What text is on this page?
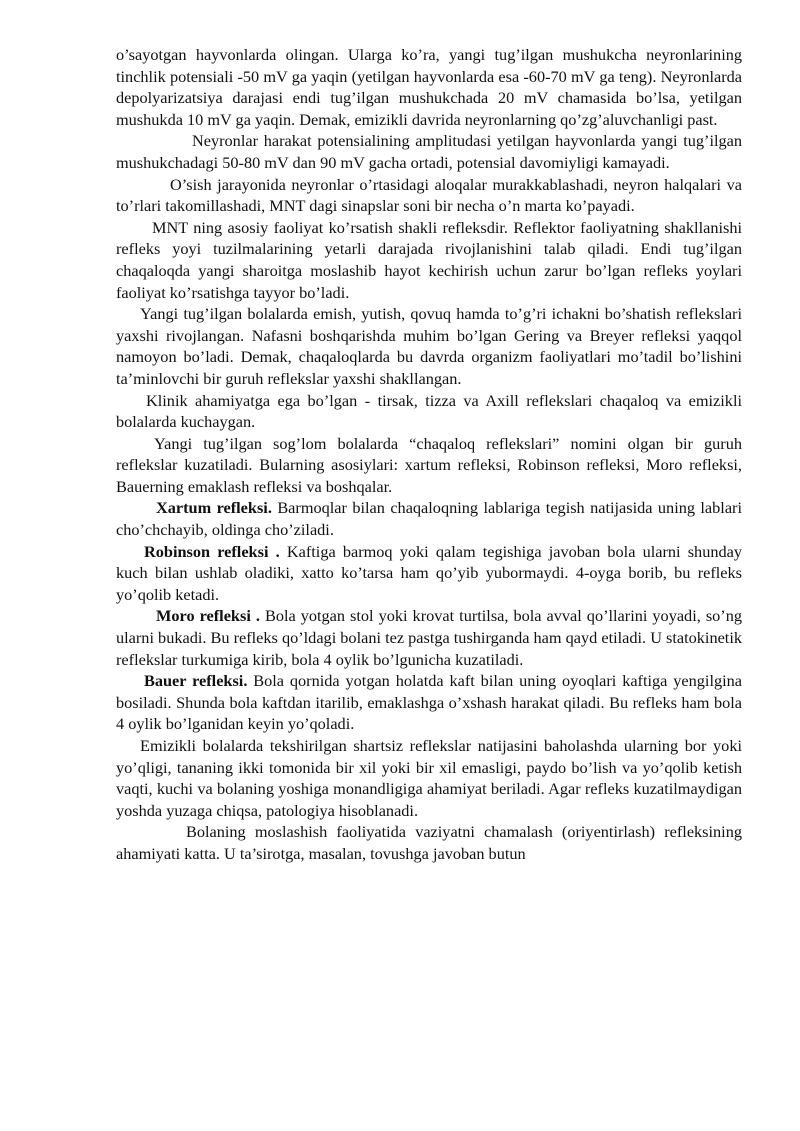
o’sayotgan hayvonlarda olingan. Ularga ko’ra, yangi tug’ilgan mushukcha neyronlarining tinchlik potensiali -50 mV ga yaqin (yetilgan hayvonlarda esa -60-70 mV ga teng). Neyronlarda depolyarizatsiya darajasi endi tug’ilgan mushukchada 20 mV chamasida bo’lsa, yetilgan mushukda 10 mV ga yaqin. Demak, emizikli davrida neyronlarning qo’zg’aluvchanligi past.

Neyronlar harakat potensialining amplitudasi yetilgan hayvonlarda yangi tug’ilgan mushukchadagi 50-80 mV dan 90 mV gacha ortadi, potensial davomiyligi kamayadi.

O’sish jarayonida neyronlar o’rtasidagi aloqalar murakkablashadi, neyron halqalari va to’rlari takomillashadi, MNT dagi sinapslar soni bir necha o’n marta ko’payadi.

MNT ning asosiy faoliyat ko’rsatish shakli refleksdir. Reflektor faoliyatning shakllanishi refleks yoyi tuzilmalarining yetarli darajada rivojlanishini talab qiladi. Endi tug’ilgan chaqaloqda yangi sharoitga moslashib hayot kechirish uchun zarur bo’lgan refleks yoylari faoliyat ko’rsatishga tayyor bo’ladi.

Yangi tug’ilgan bolalarda emish, yutish, qovuq hamda to’g’ri ichakni bo’shatish reflekslari yaxshi rivojlangan. Nafasni boshqarishda muhim bo’lgan Gering va Breyer refleksi yaqqol namoyon bo’ladi. Demak, chaqaloqlarda bu davrda organizm faoliyatlari mo’tadil bo’lishini ta’minlovchi bir guruh reflekslar yaxshi shakllangan.

Klinik ahamiyatga ega bo’lgan - tirsak, tizza va Axill reflekslari chaqaloq va emizikli bolalarda kuchaygan.

Yangi tug’ilgan sog’lom bolalarda “chaqaloq reflekslari” nomini olgan bir guruh reflekslar kuzatiladi. Bularning asosiylari: xartum refleksi, Robinson refleksi, Moro refleksi, Bauerning emaklash refleksi va boshqalar.

Xartum refleksi. Barmoqlar bilan chaqaloqning lablariga tegish natijasida uning lablari cho’chchayib, oldinga cho’ziladi.

Robinson refleksi . Kaftiga barmoq yoki qalam tegishiga javoban bola ularni shunday kuch bilan ushlab oladiki, xatto ko’tarsa ham qo’yib yubormaydi. 4-oyga borib, bu refleks yo’qolib ketadi.

Moro refleksi . Bola yotgan stol yoki krovat turtilsa, bola avval qo’llarini yoyadi, so’ng ularni bukadi. Bu refleks qo’ldagi bolani tez pastga tushirganda ham qayd etiladi. U statokinetik reflekslar turkumiga kirib, bola 4 oylik bo’lgunicha kuzatiladi.

Bauer refleksi. Bola qornida yotgan holatda kaft bilan uning oyoqlari kaftiga yengilgina bosiladi. Shunda bola kaftdan itarilib, emaklashga o’xshash harakat qiladi. Bu refleks ham bola 4 oylik bo’lganidan keyin yo’qoladi.

Emizikli bolalarda tekshirilgan shartsiz reflekslar natijasini baholashda ularning bor yoki yo’qligi, tananing ikki tomonida bir xil yoki bir xil emasligi, paydo bo’lish va yo’qolib ketish vaqti, kuchi va bolaning yoshiga monandligiga ahamiyat beriladi. Agar refleks kuzatilmaydigan yoshda yuzaga chiqsa, patologiya hisoblanadi.

Bolaning moslashish faoliyatida vaziyatni chamalash (oriyentirlash) refleksining ahamiyati katta. U ta’sirotga, masalan, tovushga javoban butun
